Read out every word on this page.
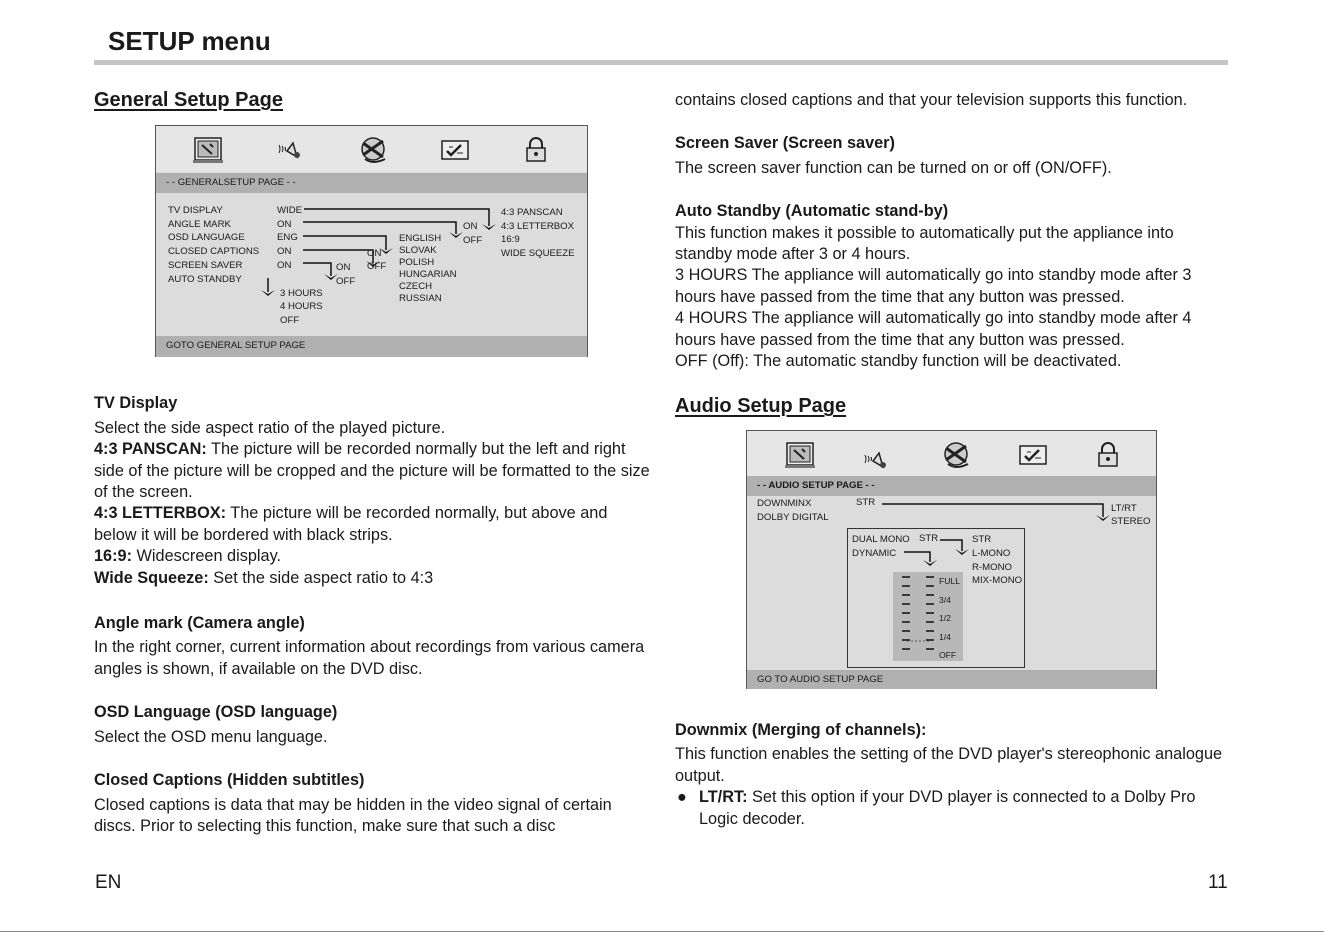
SETUP menu
General Setup Page
TV Display

Select the side aspect ratio of the played picture.

4:3 PANSCAN: The picture will be recorded normally but the left and right side of the picture will be cropped and the picture will be formatted to the size of the screen.

4:3 LETTERBOX: The picture will be recorded normally, but above and below it will be bordered with black strips.

16:9: Widescreen display.

Wide Squeeze: Set the side aspect ratio to 4:3

Angle mark (Camera angle)

In the right corner, current information about recordings from various camera angles is shown, if available on the DVD disc.

OSD Language (OSD language)

Select the OSD menu language.

Closed Captions (Hidden subtitles)

Closed captions is data that may be hidden in the video signal of certain discs. Prior to selecting this function, make sure that such a disc

- - GENERALSETUP PAGE - -
TV DISPLAY
ANGLE MARK
OSD LANGUAGE
CLOSED CAPTIONS
SCREEN SAVER
AUTO STANDBY
WIDE
ON
ENG
ON
ON
4:3 PANSCAN
4:3 LETTERBOX
16:9
WIDE SQUEEZE
ON
OFF
ENGLISH
SLOVAK
POLISH
HUNGARIAN
CZECH
RUSSIAN
ON
OFF
ON
OFF
3 HOURS
4 HOURS
OFF
GOTO GENERAL SETUP PAGE

contains closed captions and that your television supports this function.

Screen Saver (Screen saver)

The screen saver function can be turned on or off (ON/OFF).

Auto Standby (Automatic stand-by)

This function makes it possible to automatically put the appliance into standby mode after 3 or 4 hours.

3 HOURS The appliance will automatically go into standby mode after 3 hours have passed from the time that any button was pressed.

4 HOURS The appliance will automatically go into standby mode after 4 hours have passed from the time that any button was pressed.

OFF (Off): The automatic standby function will be deactivated.

Audio Setup Page
Downmix (Merging of channels):

This function enables the setting of the DVD player's stereophonic analogue output.

● LT/RT: Set this option if your DVD player is connected to a Dolby Pro Logic decoder.

- - AUDIO SETUP PAGE - -
DOWNMINX
DOLBY DIGITAL
STR
LT/RT
STEREO
DUAL MONO
DYNAMIC
STR	STR
L-MONO
R-MONO
MIX-MONO
FULL
3/4
1/2
1/4
OFF
GO TO AUDIO SETUP PAGE
EN	11
